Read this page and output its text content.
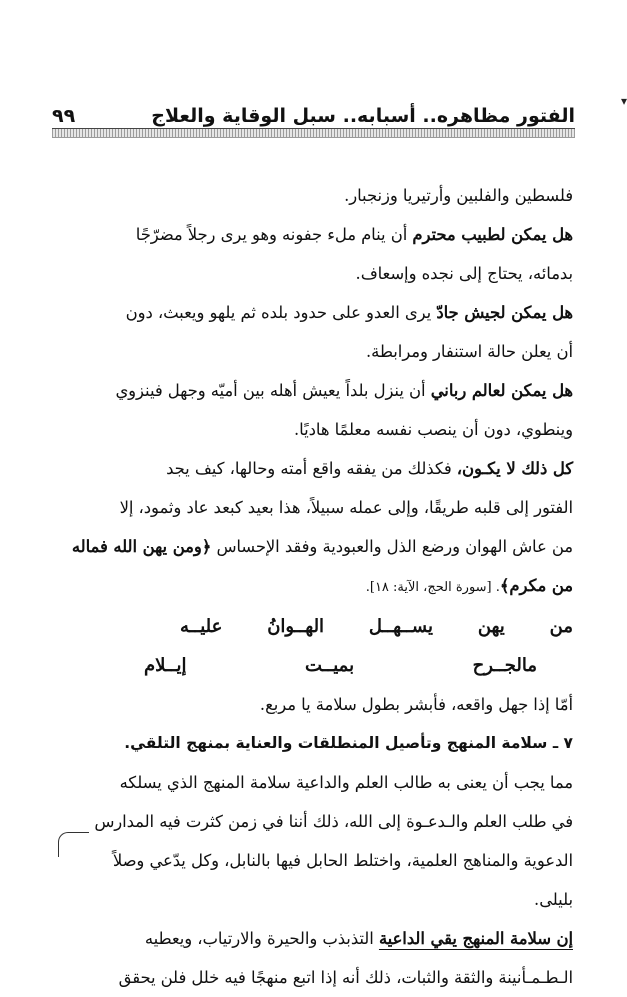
▾
الفتور مظاهره.. أسبابه.. سبل الوقاية والعلاج
٩٩

فلسطين والفلبين وأرتيريا وزنجبار.

هل يمكن لطبيب محترم أن ينام ملء جفونه وهو يرى رجلاً مضرّجًا

بدمائه، يحتاج إلى نجده وإسعاف.

هل يمكن لجيش جادّ يرى العدو على حدود بلده ثم يلهو ويعبث، دون

أن يعلن حالة استنفار ومرابطة.

هل يمكن لعالم رباني أن ينزل بلداً يعيش أهله بين أميّه وجهل فينزوي

وينطوي، دون أن ينصب نفسه معلمًا هاديًا.

كل ذلك لا يكـون، فكذلك من يفقه واقع أمته وحالها، كيف يجد

الفتور إلى قلبه طريقًا، وإلى عمله سبيلاً، هذا بعيد كبعد عاد وثمود، إلا

من عاش الهوان ورضع الذل والعبودية وفقد الإحساس ﴿ومن يهن الله فماله

من مكرم﴾. [سورة الحج، الآية: ١٨].

من
يهن
يســهــل
الهــوانُ
عليــه
مالجــرح
بميــت
إيــلام

أمّا إذا جهل واقعه، فأبشر بطول سلامة يا مربع.

٧ ـ سلامة المنهج وتأصيل المنطلقات والعناية بمنهج التلقي.

مما يجب أن يعنى به طالب العلم والداعية سلامة المنهج الذي يسلكه

في طلب العلم والـدعـوة إلى الله، ذلك أننا في زمن كثرت فيه المدارس

الدعوية والمناهج العلمية، واختلط الحابل فيها بالنابل، وكل يدّعي وصلاً

بليلى.

إن سلامة المنهج يقي الداعية التذبذب والحيرة والارتياب، ويعطيه

الـطـمـأنينة والثقة والثبات، ذلك أنه إذا اتبع منهجًا فيه خلل فلن يحقق
